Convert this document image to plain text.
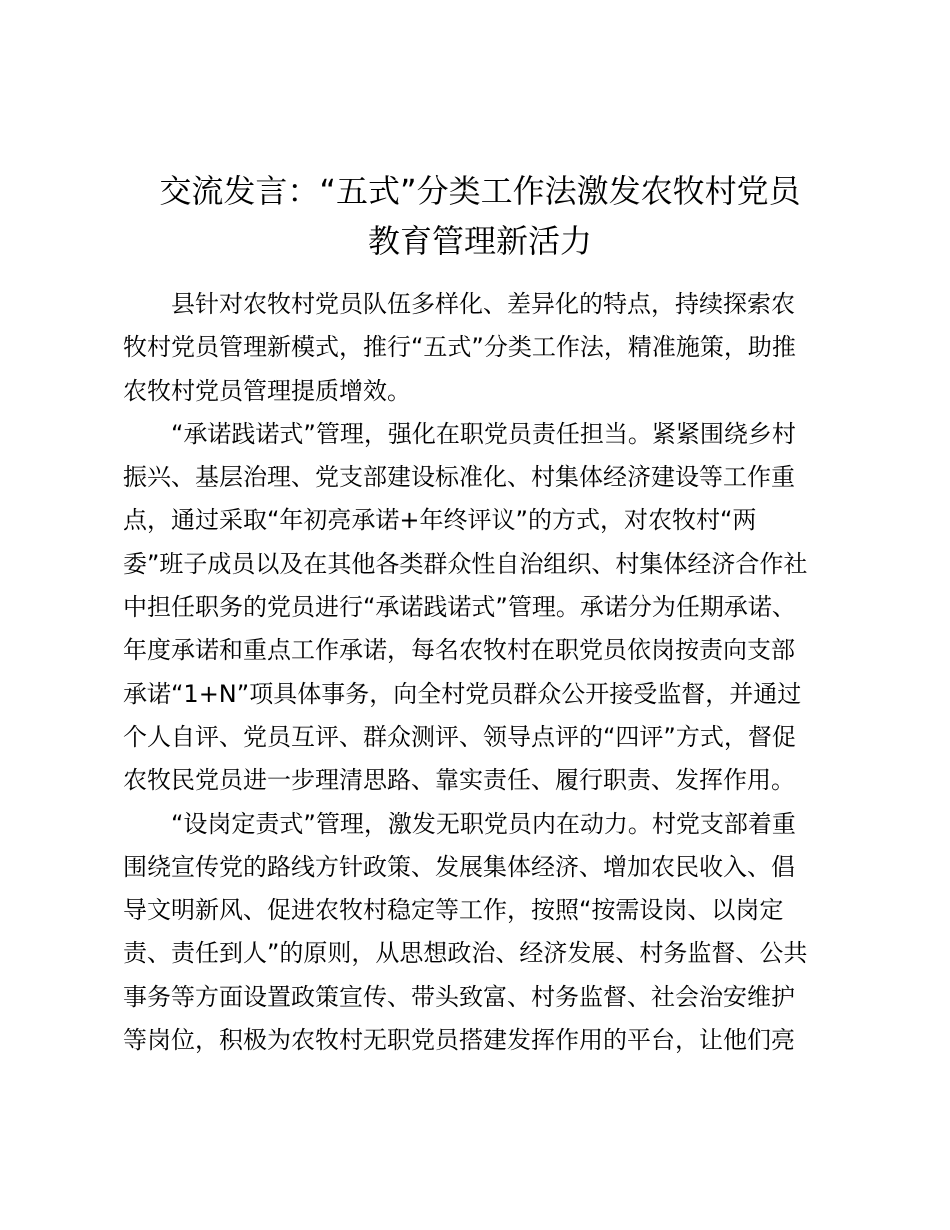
交流发言：“五式”分类工作法激发农牧村党员
教育管理新活力
县针对农牧村党员队伍多样化、差异化的特点，持续探索农
牧村党员管理新模式，推行“五式”分类工作法，精准施策，助推
农牧村党员管理提质增效。
“承诺践诺式”管理，强化在职党员责任担当。紧紧围绕乡村
振兴、基层治理、党支部建设标准化、村集体经济建设等工作重
点，通过采取“年初亮承诺+年终评议”的方式，对农牧村“两
委”班子成员以及在其他各类群众性自治组织、村集体经济合作社
中担任职务的党员进行“承诺践诺式”管理。承诺分为任期承诺、
年度承诺和重点工作承诺，每名农牧村在职党员依岗按责向支部
承诺“1+N”项具体事务，向全村党员群众公开接受监督，并通过
个人自评、党员互评、群众测评、领导点评的“四评”方式，督促
农牧民党员进一步理清思路、靠实责任、履行职责、发挥作用。
“设岗定责式”管理，激发无职党员内在动力。村党支部着重
围绕宣传党的路线方针政策、发展集体经济、增加农民收入、倡
导文明新风、促进农牧村稳定等工作，按照“按需设岗、以岗定
责、责任到人”的原则，从思想政治、经济发展、村务监督、公共
事务等方面设置政策宣传、带头致富、村务监督、社会治安维护
等岗位，积极为农牧村无职党员搭建发挥作用的平台，让他们亮
